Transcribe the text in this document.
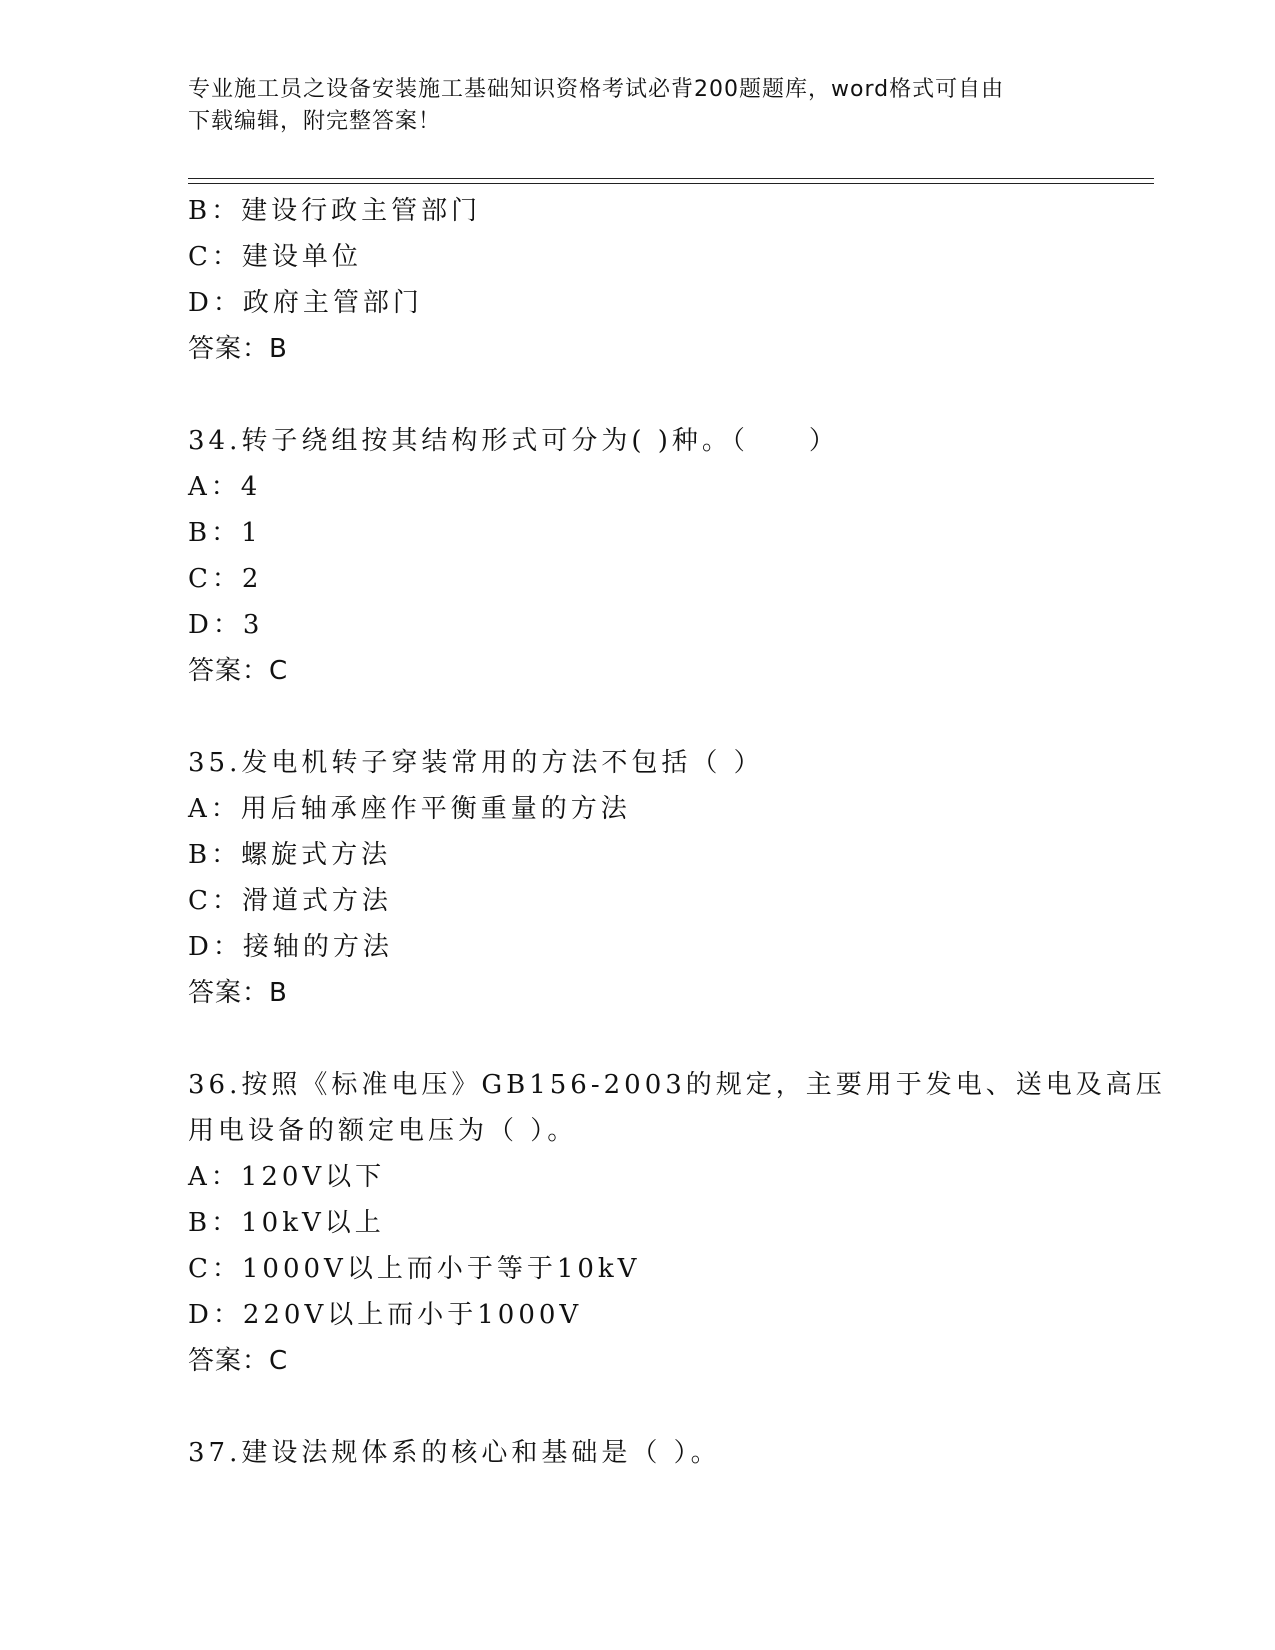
专业施工员之设备安装施工基础知识资格考试必背200题题库，word格式可自由
下载编辑，附完整答案！
B：建设行政主管部门
C：建设单位
D：政府主管部门
答案：B
34.转子绕组按其结构形式可分为( )种。（　　）
A：4
B：1
C：2
D：3
答案：C
35.发电机转子穿装常用的方法不包括（ ）
A：用后轴承座作平衡重量的方法
B：螺旋式方法
C：滑道式方法
D：接轴的方法
答案：B
36.按照《标准电压》GB156-2003的规定，主要用于发电、送电及高压
用电设备的额定电压为（ ）。
A：120V以下
B：10kV以上
C：1000V以上而小于等于10kV
D：220V以上而小于1000V
答案：C
37.建设法规体系的核心和基础是（ ）。
